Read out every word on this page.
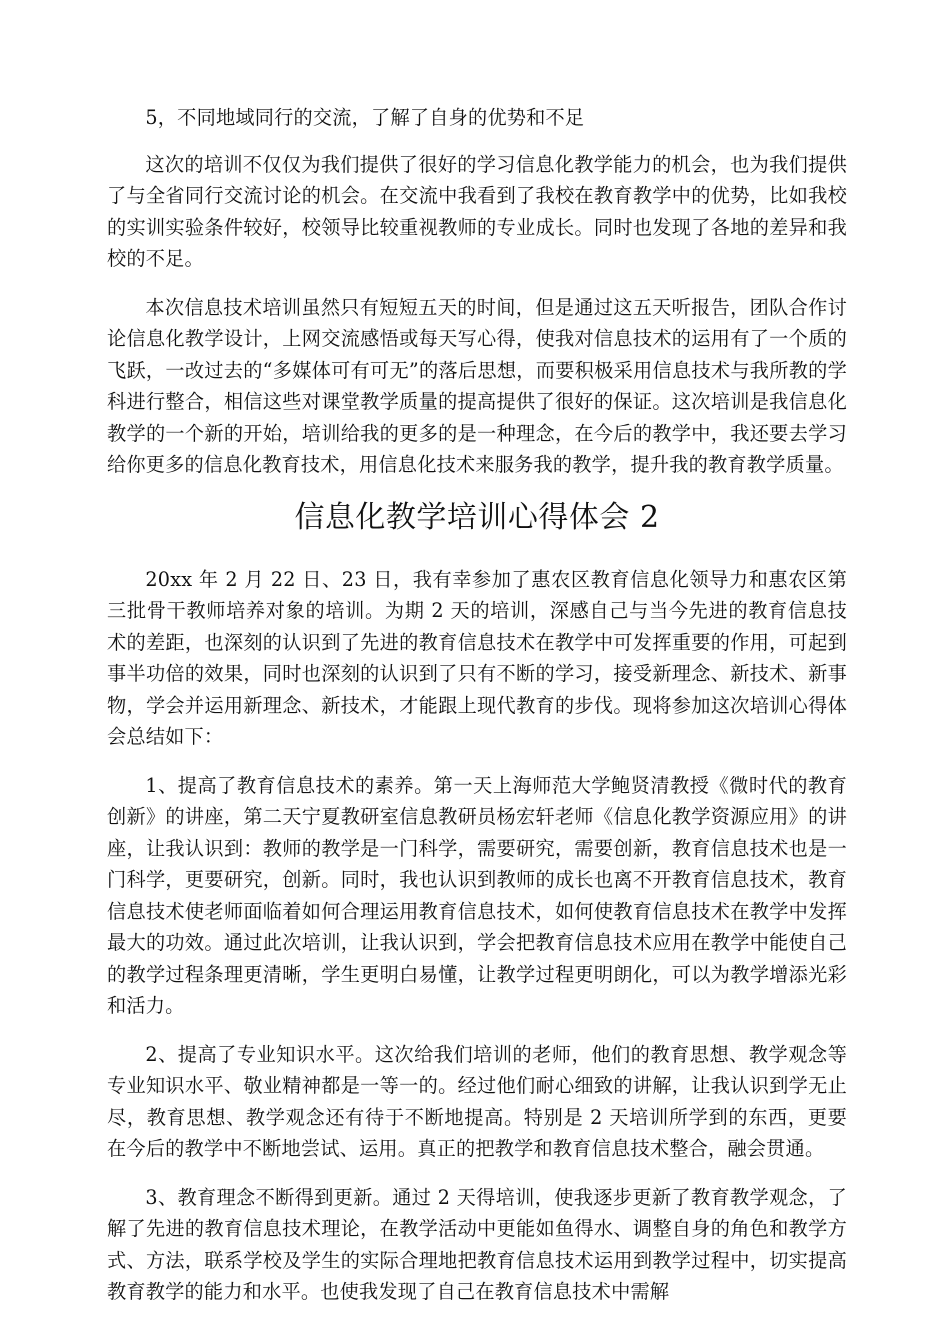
5，不同地域同行的交流，了解了自身的优势和不足

这次的培训不仅仅为我们提供了很好的学习信息化教学能力的机会，也为我们提供了与全省同行交流讨论的机会。在交流中我看到了我校在教育教学中的优势，比如我校的实训实验条件较好，校领导比较重视教师的专业成长。同时也发现了各地的差异和我校的不足。

本次信息技术培训虽然只有短短五天的时间，但是通过这五天听报告，团队合作讨论信息化教学设计，上网交流感悟或每天写心得，使我对信息技术的运用有了一个质的飞跃，一改过去的“多媒体可有可无”的落后思想，而要积极采用信息技术与我所教的学科进行整合，相信这些对课堂教学质量的提高提供了很好的保证。这次培训是我信息化教学的一个新的开始，培训给我的更多的是一种理念，在今后的教学中，我还要去学习给你更多的信息化教育技术，用信息化技术来服务我的教学，提升我的教育教学质量。

信息化教学培训心得体会 2

20xx 年 2 月 22 日、23 日，我有幸参加了惠农区教育信息化领导力和惠农区第三批骨干教师培养对象的培训。为期 2 天的培训，深感自己与当今先进的教育信息技术的差距，也深刻的认识到了先进的教育信息技术在教学中可发挥重要的作用，可起到事半功倍的效果，同时也深刻的认识到了只有不断的学习，接受新理念、新技术、新事物，学会并运用新理念、新技术，才能跟上现代教育的步伐。现将参加这次培训心得体会总结如下：

1、提高了教育信息技术的素养。第一天上海师范大学鲍贤清教授《微时代的教育创新》的讲座，第二天宁夏教研室信息教研员杨宏轩老师《信息化教学资源应用》的讲座，让我认识到：教师的教学是一门科学，需要研究，需要创新，教育信息技术也是一门科学，更要研究，创新。同时，我也认识到教师的成长也离不开教育信息技术，教育信息技术使老师面临着如何合理运用教育信息技术，如何使教育信息技术在教学中发挥最大的功效。通过此次培训，让我认识到，学会把教育信息技术应用在教学中能使自己的教学过程条理更清晰，学生更明白易懂，让教学过程更明朗化，可以为教学增添光彩和活力。

2、提高了专业知识水平。这次给我们培训的老师，他们的教育思想、教学观念等专业知识水平、敬业精神都是一等一的。经过他们耐心细致的讲解，让我认识到学无止尽，教育思想、教学观念还有待于不断地提高。特别是 2 天培训所学到的东西，更要在今后的教学中不断地尝试、运用。真正的把教学和教育信息技术整合，融会贯通。

3、教育理念不断得到更新。通过 2 天得培训，使我逐步更新了教育教学观念，了解了先进的教育信息技术理论，在教学活动中更能如鱼得水、调整自身的角色和教学方式、方法，联系学校及学生的实际合理地把教育信息技术运用到教学过程中，切实提高教育教学的能力和水平。也使我发现了自己在教育信息技术中需解
